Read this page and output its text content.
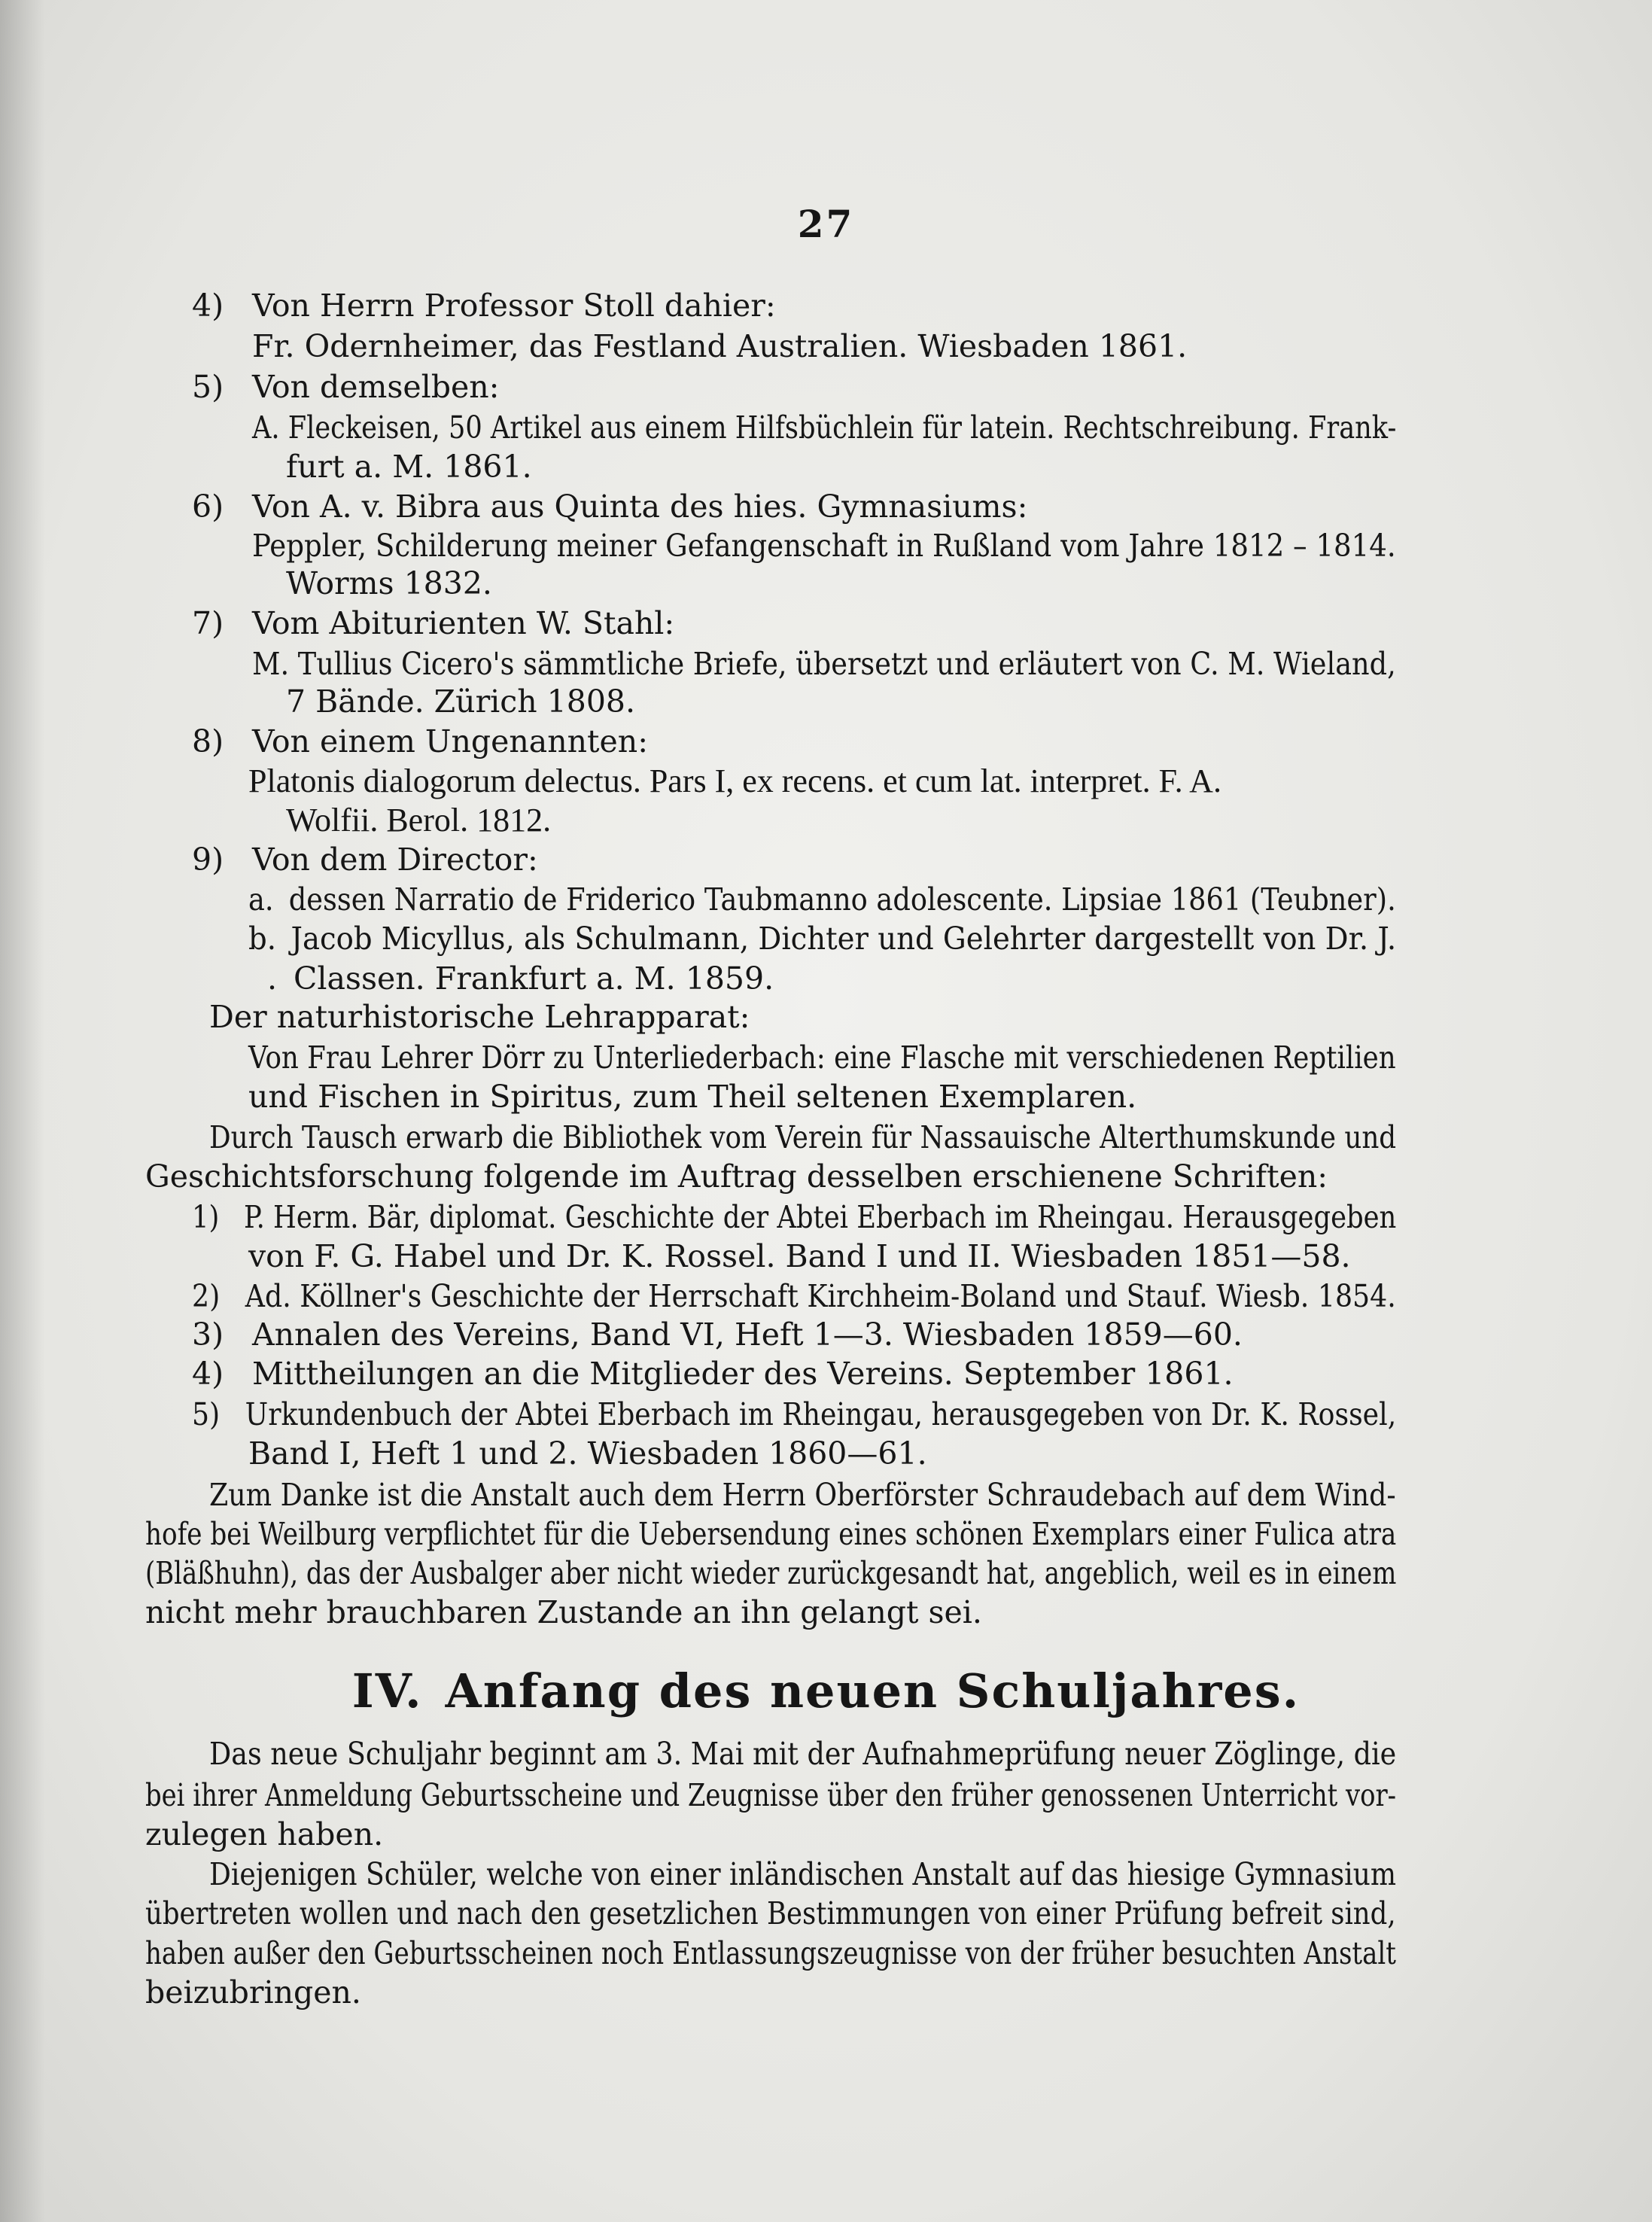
27
4) Von Herrn Professor Stoll dahier:
Fr. Odernheimer, das Festland Australien. Wiesbaden 1861.
5) Von demselben:
A. Fleckeisen, 50 Artikel aus einem Hilfsbüchlein für latein. Rechtschreibung. Frank-
furt a. M. 1861.
6) Von A. v. Bibra aus Quinta des hies. Gymnasiums:
Peppler, Schilderung meiner Gefangenschaft in Rußland vom Jahre 1812 – 1814.
Worms 1832.
7) Vom Abiturienten W. Stahl:
M. Tullius Cicero's sämmtliche Briefe, übersetzt und erläutert von C. M. Wieland,
7 Bände. Zürich 1808.
8) Von einem Ungenannten:
Platonis dialogorum delectus. Pars I, ex recens. et cum lat. interpret. F. A.
Wolfii. Berol. 1812.
9) Von dem Director:
a. dessen Narratio de Friderico Taubmanno adolescente. Lipsiae 1861 (Teubner).
b. Jacob Micyllus, als Schulmann, Dichter und Gelehrter dargestellt von Dr. J.
. Classen. Frankfurt a. M. 1859.
Der naturhistorische Lehrapparat:
Von Frau Lehrer Dörr zu Unterliederbach: eine Flasche mit verschiedenen Reptilien
und Fischen in Spiritus, zum Theil seltenen Exemplaren.
Durch Tausch erwarb die Bibliothek vom Verein für Nassauische Alterthumskunde und
Geschichtsforschung folgende im Auftrag desselben erschienene Schriften:
1) P. Herm. Bär, diplomat. Geschichte der Abtei Eberbach im Rheingau. Herausgegeben
von F. G. Habel und Dr. K. Rossel. Band I und II. Wiesbaden 1851—58.
2) Ad. Köllner's Geschichte der Herrschaft Kirchheim-Boland und Stauf. Wiesb. 1854.
3) Annalen des Vereins, Band VI, Heft 1—3. Wiesbaden 1859—60.
4) Mittheilungen an die Mitglieder des Vereins. September 1861.
5) Urkundenbuch der Abtei Eberbach im Rheingau, herausgegeben von Dr. K. Rossel,
Band I, Heft 1 und 2. Wiesbaden 1860—61.
Zum Danke ist die Anstalt auch dem Herrn Oberförster Schraudebach auf dem Wind-
hofe bei Weilburg verpflichtet für die Uebersendung eines schönen Exemplars einer Fulica atra
(Bläßhuhn), das der Ausbalger aber nicht wieder zurückgesandt hat, angeblich, weil es in einem
nicht mehr brauchbaren Zustande an ihn gelangt sei.
IV. Anfang des neuen Schuljahres.
Das neue Schuljahr beginnt am 3. Mai mit der Aufnahmeprüfung neuer Zöglinge, die
bei ihrer Anmeldung Geburtsscheine und Zeugnisse über den früher genossenen Unterricht vor-
zulegen haben.
Diejenigen Schüler, welche von einer inländischen Anstalt auf das hiesige Gymnasium
übertreten wollen und nach den gesetzlichen Bestimmungen von einer Prüfung befreit sind,
haben außer den Geburtsscheinen noch Entlassungszeugnisse von der früher besuchten Anstalt
beizubringen.
